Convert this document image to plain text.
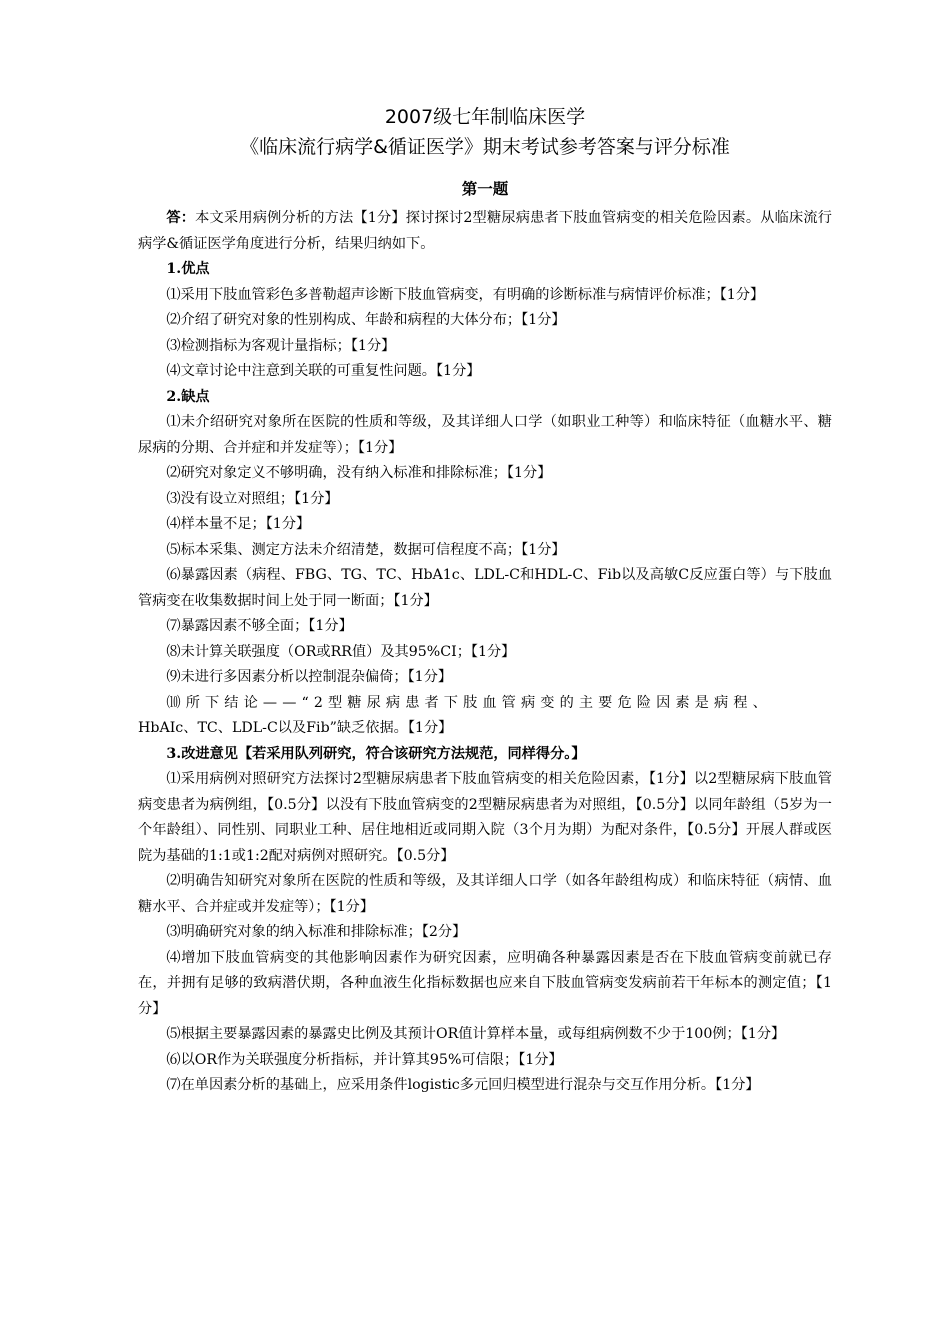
2007级七年制临床医学

《临床流行病学&循证医学》期末考试参考答案与评分标准

第一题

答：本文采用病例分析的方法【1分】探讨探讨2型糖尿病患者下肢血管病变的相关危险因素。从临床流行病学&循证医学角度进行分析，结果归纳如下。

1.优点

⑴采用下肢血管彩色多普勒超声诊断下肢血管病变，有明确的诊断标准与病情评价标准；【1分】

⑵介绍了研究对象的性别构成、年龄和病程的大体分布；【1分】

⑶检测指标为客观计量指标；【1分】

⑷文章讨论中注意到关联的可重复性问题。【1分】

2.缺点

⑴未介绍研究对象所在医院的性质和等级，及其详细人口学（如职业工种等）和临床特征（血糖水平、糖尿病的分期、合并症和并发症等）；【1分】

⑵研究对象定义不够明确，没有纳入标准和排除标准；【1分】

⑶没有设立对照组；【1分】

⑷样本量不足；【1分】

⑸标本采集、测定方法未介绍清楚，数据可信程度不高；【1分】

⑹暴露因素（病程、FBG、TG、TC、HbA1c、LDL-C和HDL-C、Fib以及高敏C反应蛋白等）与下肢血管病变在收集数据时间上处于同一断面；【1分】

⑺暴露因素不够全面；【1分】

⑻未计算关联强度（OR或RR值）及其95%CI；【1分】

⑼未进行多因素分析以控制混杂偏倚；【1分】

⑽所下结论——“2型糖尿病患者下肢血管病变的主要危险因素是病程、

HbAIc、TC、LDL-C以及Fib”缺乏依据。【1分】

3.改进意见【若采用队列研究，符合该研究方法规范，同样得分。】

⑴采用病例对照研究方法探讨2型糖尿病患者下肢血管病变的相关危险因素，【1分】以2型糖尿病下肢血管病变患者为病例组，【0.5分】以没有下肢血管病变的2型糖尿病患者为对照组，【0.5分】以同年龄组（5岁为一个年龄组）、同性别、同职业工种、居住地相近或同期入院（3个月为期）为配对条件，【0.5分】开展人群或医院为基础的1:1或1:2配对病例对照研究。【0.5分】

⑵明确告知研究对象所在医院的性质和等级，及其详细人口学（如各年龄组构成）和临床特征（病情、血糖水平、合并症或并发症等）；【1分】

⑶明确研究对象的纳入标准和排除标准；【2分】

⑷增加下肢血管病变的其他影响因素作为研究因素，应明确各种暴露因素是否在下肢血管病变前就已存在，并拥有足够的致病潜伏期，各种血液生化指标数据也应来自下肢血管病变发病前若干年标本的测定值；【1分】

⑸根据主要暴露因素的暴露史比例及其预计OR值计算样本量，或每组病例数不少于100例；【1分】

⑹以OR作为关联强度分析指标，并计算其95%可信限；【1分】

⑺在单因素分析的基础上，应采用条件logistic多元回归模型进行混杂与交互作用分析。【1分】
